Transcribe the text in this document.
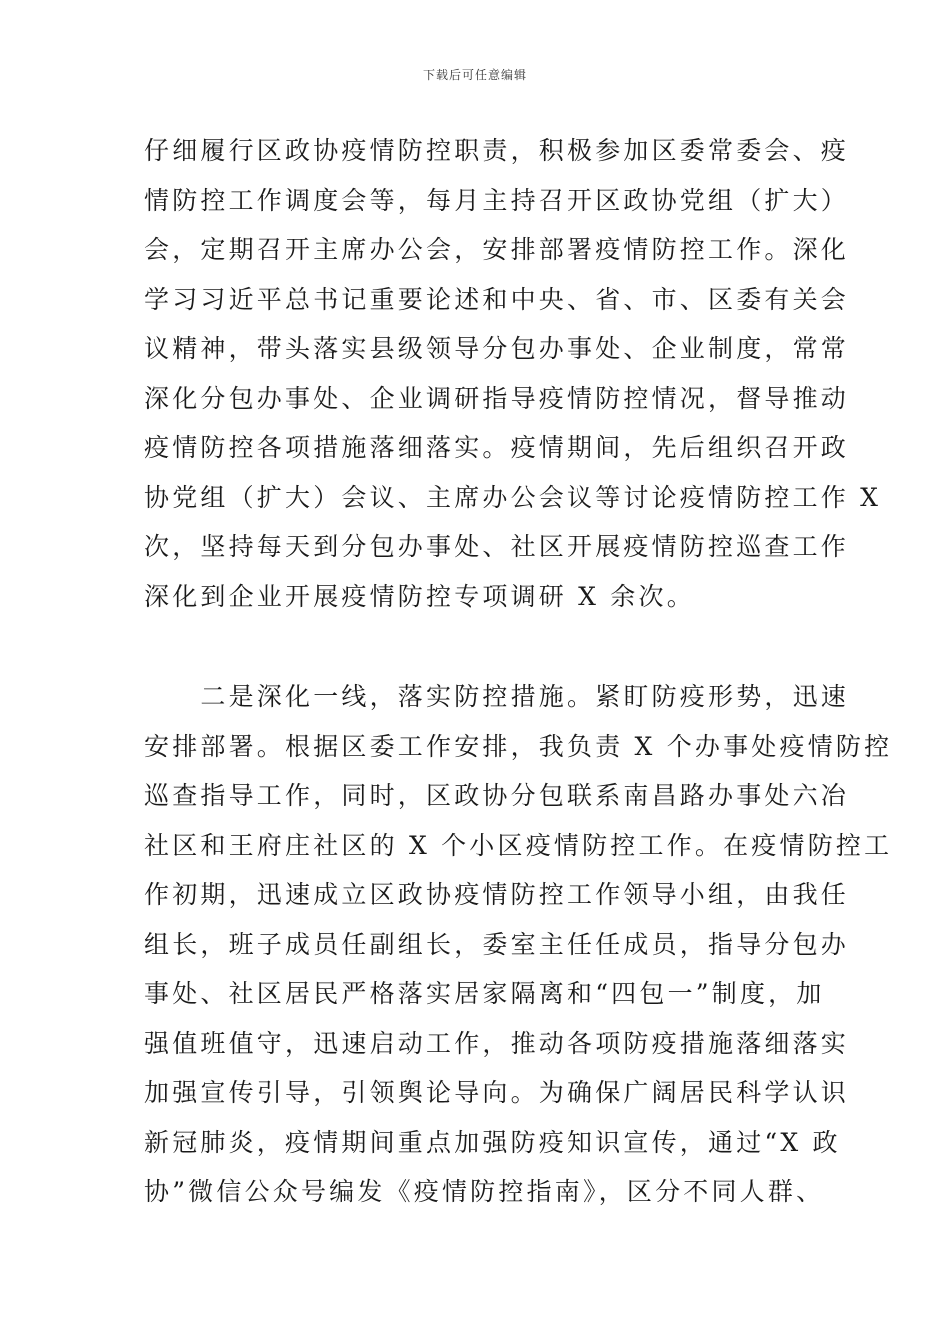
下载后可任意编辑
仔细履行区政协疫情防控职责，积极参加区委常委会、疫
情防控工作调度会等，每月主持召开区政协党组（扩大）
会，定期召开主席办公会，安排部署疫情防控工作。深化
学习习近平总书记重要论述和中央、省、市、区委有关会
议精神，带头落实县级领导分包办事处、企业制度，常常
深化分包办事处、企业调研指导疫情防控情况，督导推动
疫情防控各项措施落细落实。疫情期间，先后组织召开政
协党组（扩大）会议、主席办公会议等讨论疫情防控工作 X
次，坚持每天到分包办事处、社区开展疫情防控巡查工作
深化到企业开展疫情防控专项调研 X 余次。
　　二是深化一线，落实防控措施。紧盯防疫形势，迅速
安排部署。根据区委工作安排，我负责 X 个办事处疫情防控
巡查指导工作，同时，区政协分包联系南昌路办事处六冶
社区和王府庄社区的 X 个小区疫情防控工作。在疫情防控工
作初期，迅速成立区政协疫情防控工作领导小组，由我任
组长，班子成员任副组长，委室主任任成员，指导分包办
事处、社区居民严格落实居家隔离和“四包一”制度，加
强值班值守，迅速启动工作，推动各项防疫措施落细落实
加强宣传引导，引领舆论导向。为确保广阔居民科学认识
新冠肺炎，疫情期间重点加强防疫知识宣传，通过“X 政
协”微信公众号编发《疫情防控指南》，区分不同人群、
